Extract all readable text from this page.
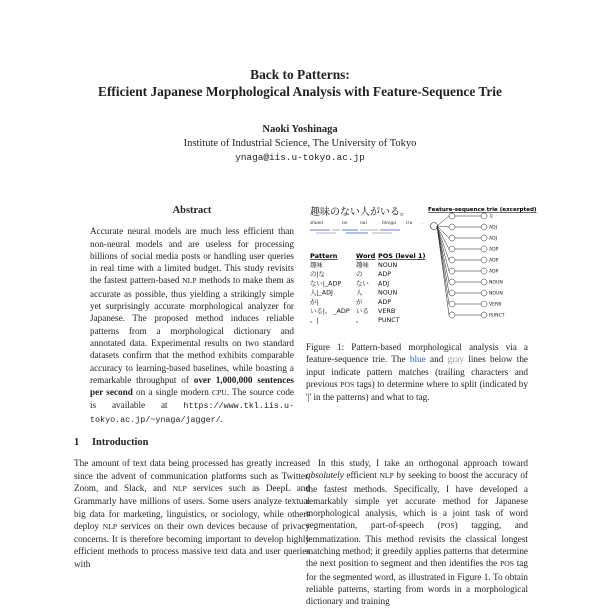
Back to Patterns:
Efficient Japanese Morphological Analysis with Feature-Sequence Trie
Naoki Yoshinaga
Institute of Industrial Science, The University of Tokyo
ynaga@iis.u-tokyo.ac.jp
Abstract
Accurate neural models are much less efficient than non-neural models and are useless for processing billions of social media posts or handling user queries in real time with a limited budget. This study revisits the fastest pattern-based NLP methods to make them as accurate as possible, thus yielding a strikingly simple yet surprisingly accurate morphological analyzer for Japanese. The proposed method induces reliable patterns from a morphological dictionary and annotated data. Experimental results on two standard datasets confirm that the method exhibits comparable accuracy to learning-based baselines, while boasting a remarkable throughput of over 1,000,000 sentences per second on a single modern CPU. The source code is available at https://www.tkl.iis.u-tokyo.ac.jp/~ynaga/jagger/.
1 Introduction
The amount of text data being processed has greatly increased since the advent of communication platforms such as Twitter, Zoom, and Slack, and NLP services such as DeepL and Grammarly have millions of users. Some users analyze textual big data for marketing, linguistics, or sociology, while others deploy NLP services on their own devices because of privacy concerns. It is therefore becoming important to develop highly efficient methods to process massive text data and user queries with
趣味のない人がいる。
shumi	no nai	hitoga iru .
Pattern	Word POS (level 1)
趣味	趣味 NOUN
の|な	の ADP
ない|_ADP ない ADJ
人|_ADJ	人 NOUN
が|	が ADP
いる|。 _ADP いる VERB
。|	。 PUNCT
Feature-sequence trie (excerpted)
な
ADJ
ADJ
ADP
ADP
ADP
NOUN
NOUN
VERB
PUNCT
Figure 1: Pattern-based morphological analysis via a feature-sequence trie. The blue and gray lines below the input indicate pattern matches (trailing characters and previous POS tags) to determine where to split (indicated by '|' in the patterns) and what to tag.

In this study, I take an orthogonal approach toward absolutely efficient NLP by seeking to boost the accuracy of the fastest methods. Specifically, I have developed a remarkably simple yet accurate method for Japanese morphological analysis, which is a joint task of word segmentation, part-of-speech (POS) tagging, and lemmatization. This method revisits the classical longest matching method; it greedily applies patterns that determine the next position to segment and then identifies the POS tag for the segmented word, as illustrated in Figure 1. To obtain reliable patterns, starting from words in a morphological dictionary and training
